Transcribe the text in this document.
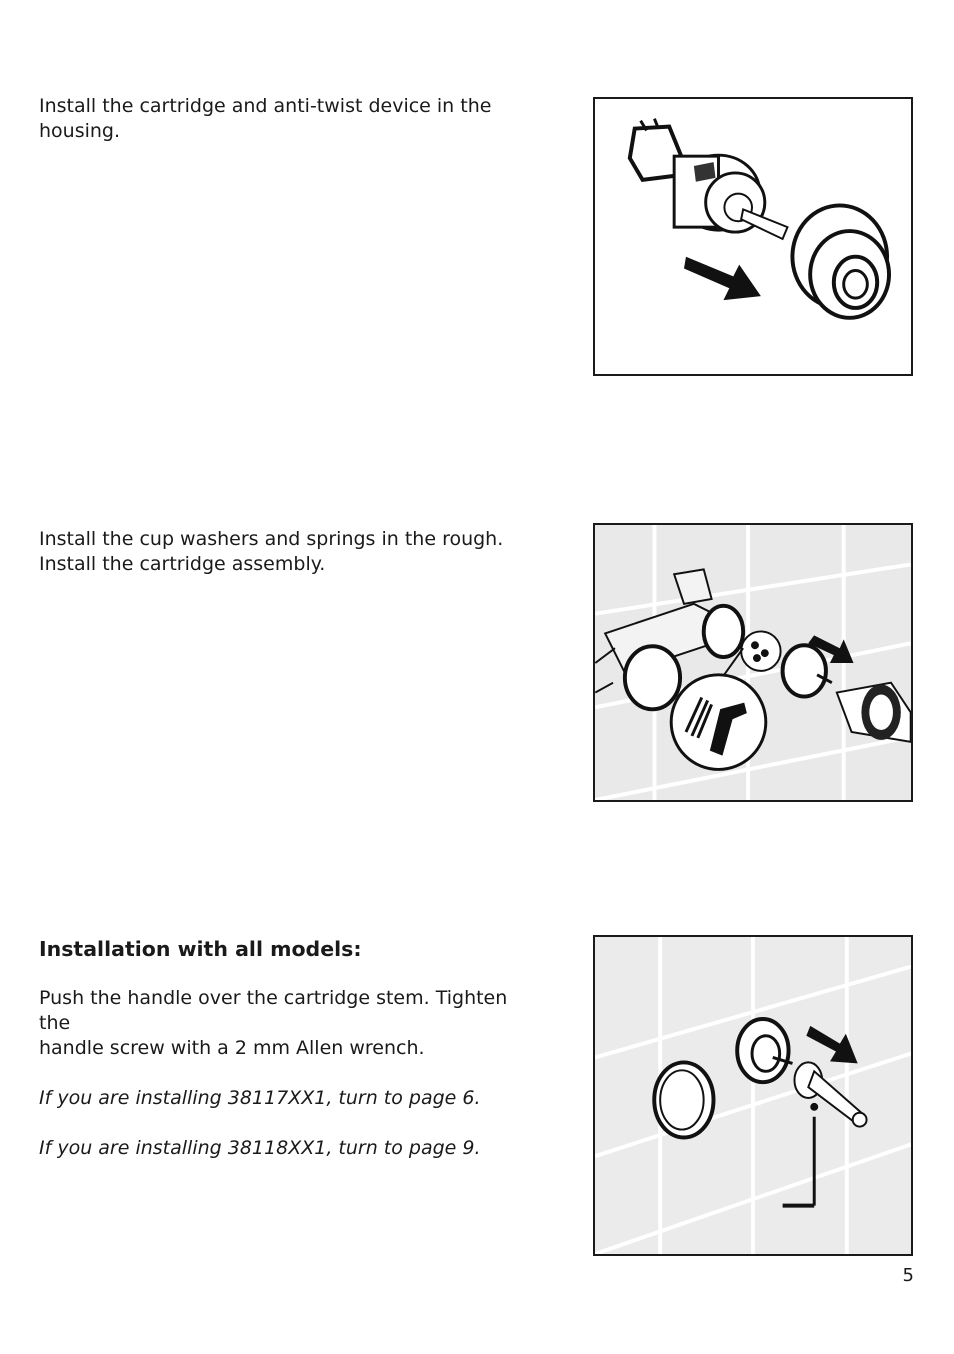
Install the cartridge and anti-twist device in the

housing.

Install the cup washers and springs in the rough.

Install the cartridge assembly.

Installation with all models:

Push the handle over the cartridge stem. Tighten the

handle screw with a 2 mm Allen wrench.

If you are installing 38117XX1, turn to page 6.

If you are installing 38118XX1, turn to page 9.

5
